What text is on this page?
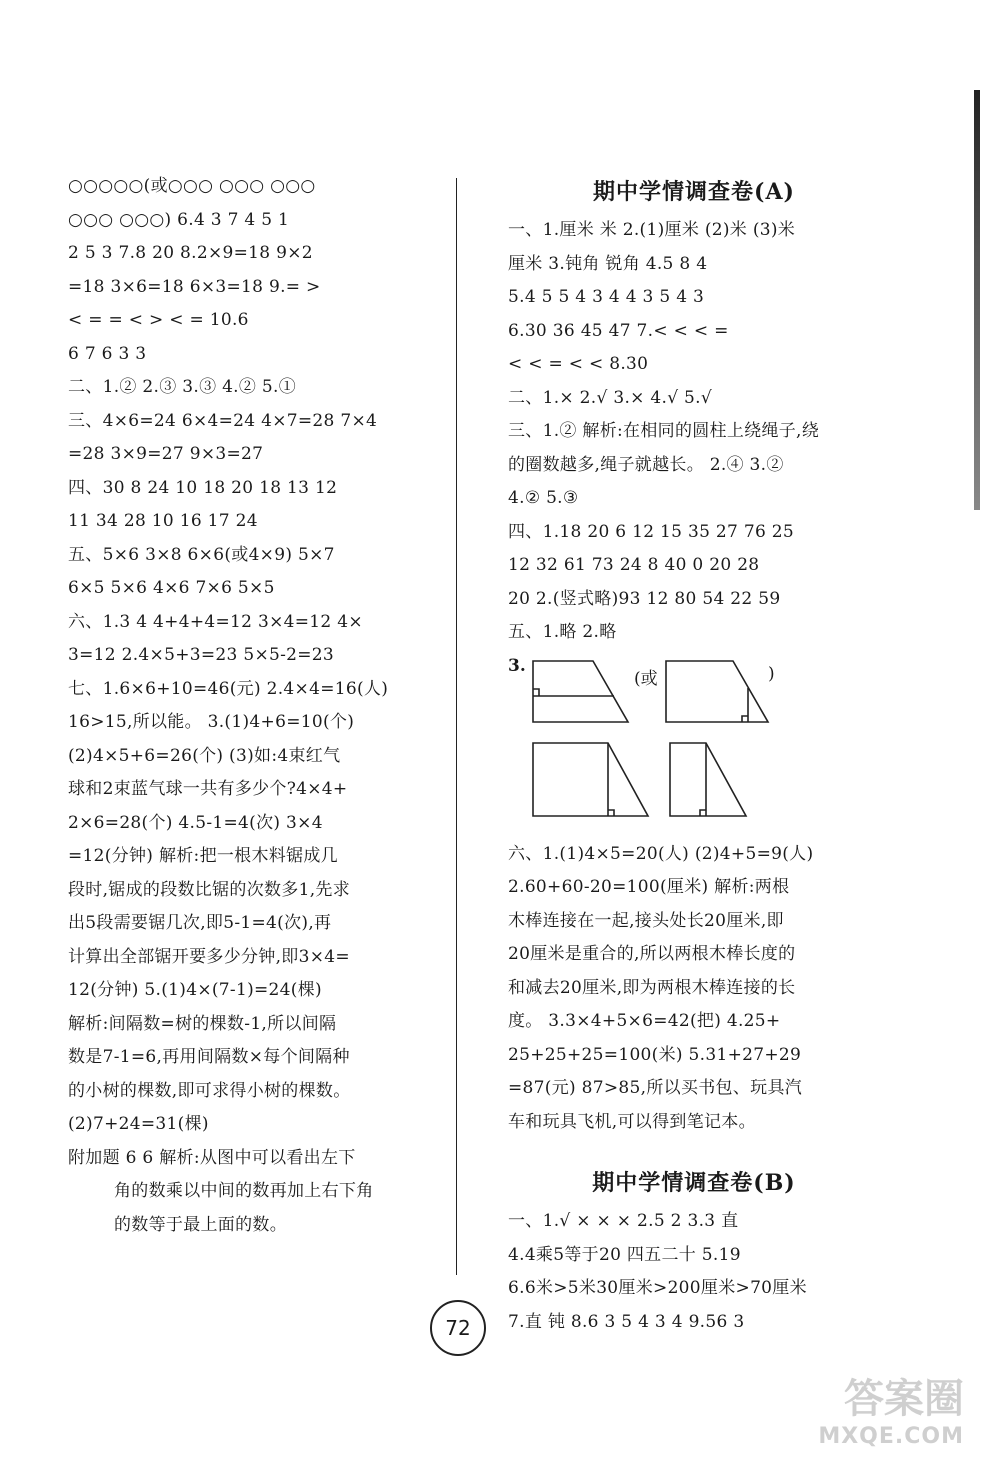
○○○○○(或○○○ ○○○ ○○○
○○○ ○○○) 6.4 3 7 4 5 1
2 5 3 7.8 20 8.2×9=18 9×2
=18 3×6=18 6×3=18 9.= >
< = = < > < = 10.6
6 7 6 3 3
二、1.② 2.③ 3.③ 4.② 5.①
三、4×6=24 6×4=24 4×7=28 7×4
=28 3×9=27 9×3=27
四、30 8 24 10 18 20 18 13 12
11 34 28 10 16 17 24
五、5×6 3×8 6×6(或4×9) 5×7
6×5 5×6 4×6 7×6 5×5
六、1.3 4 4+4+4=12 3×4=12 4×
3=12 2.4×5+3=23 5×5-2=23
七、1.6×6+10=46(元) 2.4×4=16(人)
16>15,所以能。 3.(1)4+6=10(个)
(2)4×5+6=26(个) (3)如:4束红气
球和2束蓝气球一共有多少个?4×4+
2×6=28(个) 4.5-1=4(次) 3×4
=12(分钟) 解析:把一根木料锯成几
段时,锯成的段数比锯的次数多1,先求
出5段需要锯几次,即5-1=4(次),再
计算出全部锯开要多少分钟,即3×4=
12(分钟) 5.(1)4×(7-1)=24(棵)
解析:间隔数=树的棵数-1,所以间隔
数是7-1=6,再用间隔数×每个间隔种
的小树的棵数,即可求得小树的棵数。
(2)7+24=31(棵)
附加题 6 6 解析:从图中可以看出左下
角的数乘以中间的数再加上右下角
的数等于最上面的数。
期中学情调查卷(A)
一、1.厘米 米 2.(1)厘米 (2)米 (3)米
厘米 3.钝角 锐角 4.5 8 4
5.4 5 5 4 3 4 4 3 5 4 3
6.30 36 45 47 7.< < < =
< < = < < 8.30
二、1.× 2.√ 3.× 4.√ 5.√
三、1.② 解析:在相同的圆柱上绕绳子,绕
的圈数越多,绳子就越长。 2.④ 3.②
4.② 5.③
四、1.18 20 6 12 15 35 27 76 25
12 32 61 73 24 8 40 0 20 28
20 2.(竖式略)93 12 80 54 22 59
五、1.略 2.略
3.
(或	)
六、1.(1)4×5=20(人) (2)4+5=9(人)
2.60+60-20=100(厘米) 解析:两根
木棒连接在一起,接头处长20厘米,即
20厘米是重合的,所以两根木棒长度的
和减去20厘米,即为两根木棒连接的长
度。 3.3×4+5×6=42(把) 4.25+
25+25+25=100(米) 5.31+27+29
=87(元) 87>85,所以买书包、玩具汽
车和玩具飞机,可以得到笔记本。
期中学情调查卷(B)
一、1.√ × × × 2.5 2 3.3 直
4.4乘5等于20 四五二十 5.19
6.6米>5米30厘米>200厘米>70厘米
7.直 钝 8.6 3 5 4 3 4 9.56 3
72
答案圈
MXQE.COM
